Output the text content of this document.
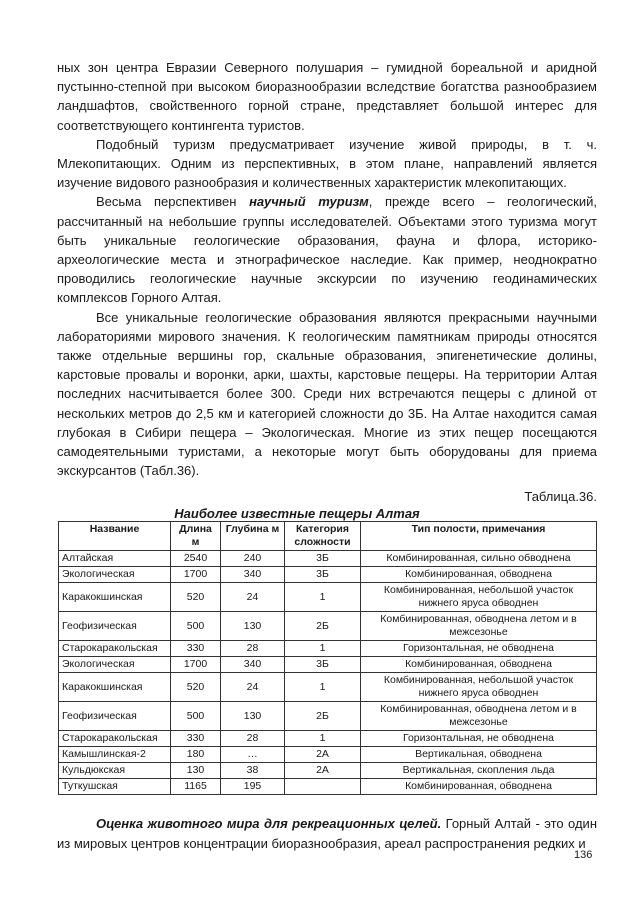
ных зон центра Евразии Северного полушария – гумидной бореальной и аридной пустынно-степной при высоком биоразнообразии вследствие богатства разнообразием ландшафтов, свойственного горной стране, представляет большой интерес для соответствующего контингента туристов.

Подобный туризм предусматривает изучение живой природы, в т. ч. Млекопитающих. Одним из перспективных, в этом плане, направлений является изучение видового разнообразия и количественных характеристик млекопитающих.

Весьма перспективен научный туризм, прежде всего – геологический, рассчитанный на небольшие группы исследователей. Объектами этого туризма могут быть уникальные геологические образования, фауна и флора, историко-археологические места и этнографическое наследие. Как пример, неоднократно проводились геологические научные экскурсии по изучению геодинамических комплексов Горного Алтая.

Все уникальные геологические образования являются прекрасными научными лабораториями мирового значения. К геологическим памятникам природы относятся также отдельные вершины гор, скальные образования, эпигенетические долины, карстовые провалы и воронки, арки, шахты, карстовые пещеры. На территории Алтая последних насчитывается более 300. Среди них встречаются пещеры с длиной от нескольких метров до 2,5 км и категорией сложности до 3Б. На Алтае находится самая глубокая в Сибири пещера – Экологическая. Многие из этих пещер посещаются самодеятельными туристами, а некоторые могут быть оборудованы для приема экскурсантов (Табл.36).

Таблица.36.
Наиболее известные пещеры Алтая
Название	Длина м	Глубина м	Категория сложности	Тип полости, примечания
Алтайская	2540	240	3Б	Комбинированная, сильно обводнена
Экологическая	1700	340	3Б	Комбинированная, обводнена
Каракокшинская	520	24	1	Комбинированная, небольшой участок нижнего яруса обводнен
Геофизическая	500	130	2Б	Комбинированная, обводнена летом и в межсезонье
Старокаракольская	330	28	1	Горизонтальная, не обводнена
Экологическая	1700	340	3Б	Комбинированная, обводнена
Каракокшинская	520	24	1	Комбинированная, небольшой участок нижнего яруса обводнен
Геофизическая	500	130	2Б	Комбинированная, обводнена летом и в межсезонье
Старокаракольская	330	28	1	Горизонтальная, не обводнена
Камышлинская-2	180	…	2А	Вертикальная, обводнена
Кульдюкская	130	38	2А	Вертикальная, скопления льда
Туткушская	1165	195		Комбинированная, обводнена

Оценка животного мира для рекреационных целей. Горный Алтай - это один из мировых центров концентрации биоразнообразия, ареал распространения редких и

136
